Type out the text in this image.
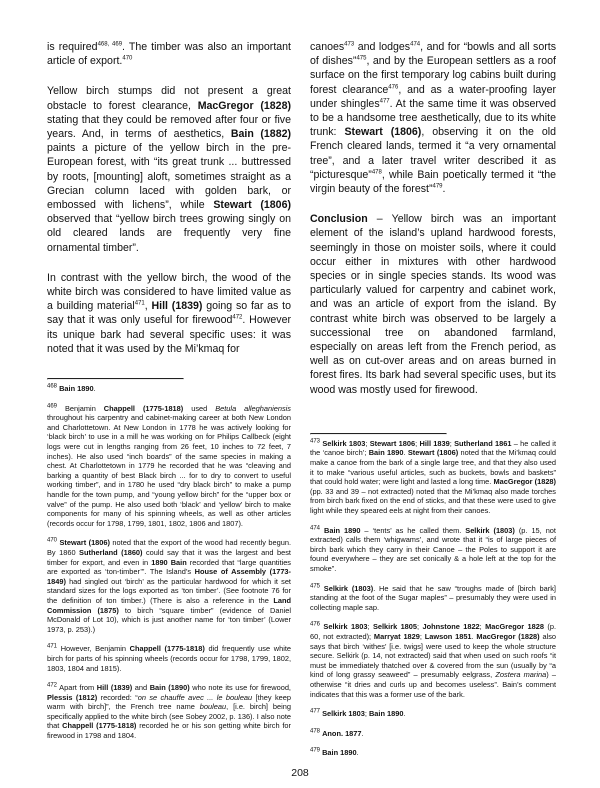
is required$^{468, 469}$. The timber was also an important article of export.$^{470}$

Yellow birch stumps did not present a great obstacle to forest clearance, MacGregor (1828) stating that they could be removed after four or five years. And, in terms of aesthetics, Bain (1882) paints a picture of the yellow birch in the pre-European forest, with “its great trunk ... buttressed by roots, [mounting] aloft, sometimes straight as a Grecian column laced with golden bark, or embossed with lichens”, while Stewart (1806) observed that “yellow birch trees growing singly on old cleared lands are frequently very fine ornamental timber”.

In contrast with the yellow birch, the wood of the white birch was considered to have limited value as a building material$^{471}$, Hill (1839) going so far as to say that it was only useful for firewood$^{472}$. However its unique bark had several specific uses: it was noted that it was used by the Mi’kmaq for

$^{468}$ Bain 1890.

$^{469}$ Benjamin Chappell (1775-1818) used Betula alleghaniensis throughout his carpentry and cabinet-making career at both New London and Charlottetown. At New London in 1778 he was actively looking for ‘black birch’ to use in a mill he was working on for Philips Callbeck (eight logs were cut in lengths ranging from 26 feet, 10 inches to 72 feet, 7 inches). He also used “inch boards” of the same species in making a chest. At Charlottetown in 1779 he recorded that he was “cleaving and barking a quantity of best Black birch ... for to dry to convert to useful working timber”, and in 1780 he used “dry black birch” to make a pump handle for the town pump, and “young yellow birch” for the “upper box or valve” of the pump. He also used both ‘black’ and ‘yellow’ birch to make components for many of his spinning wheels, as well as other articles (records occur for 1798, 1799, 1801, 1802, 1806 and 1807).

$^{470}$ Stewart (1806) noted that the export of the wood had recently begun. By 1860 Sutherland (1860) could say that it was the largest and best timber for export, and even in 1890 Bain recorded that “large quantities are exported as ‘ton-timber’”. The Island’s House of Assembly (1773-1849) had singled out ‘birch’ as the particular hardwood for which it set standard sizes for the logs exported as ‘ton timber’. (See footnote 76 for the definition of ton timber.) (There is also a reference in the Land Commission (1875) to birch “square timber” (evidence of Daniel McDonald of Lot 10), which is just another name for ‘ton timber’ (Lower 1973, p. 253).)

$^{471}$ However, Benjamin Chappell (1775-1818) did frequently use white birch for parts of his spinning wheels (records occur for 1798, 1799, 1802, 1803, 1804 and 1815).

$^{472}$ Apart from Hill (1839) and Bain (1890) who note its use for firewood, Plessis (1812) recorded: “on se chauffe avec ... le bouleau [they keep warm with birch]”, the French tree name bouleau, [i.e. birch] being specifically applied to the white birch (see Sobey 2002, p. 136). I also note that Chappell (1775-1818) recorded he or his son getting white birch for firewood in 1798 and 1804.

canoes$^{473}$ and lodges$^{474}$, and for “bowls and all sorts of dishes”$^{475}$, and by the European settlers as a roof surface on the first temporary log cabins built during forest clearance$^{476}$, and as a water-proofing layer under shingles$^{477}$. At the same time it was observed to be a handsome tree aesthetically, due to its white trunk: Stewart (1806), observing it on the old French cleared lands, termed it “a very ornamental tree”, and a later travel writer described it as “picturesque”$^{478}$, while Bain poetically termed it “the virgin beauty of the forest”$^{479}$.

Conclusion – Yellow birch was an important element of the island’s upland hardwood forests, seemingly in those on moister soils, where it could occur either in mixtures with other hardwood species or in single species stands. Its wood was particularly valued for carpentry and cabinet work, and was an article of export from the island. By contrast white birch was observed to be largely a successional tree on abandoned farmland, especially on areas left from the French period, as well as on cut-over areas and on areas burned in forest fires. Its bark had several specific uses, but its wood was mostly used for firewood.

$^{473}$ Selkirk 1803; Stewart 1806; Hill 1839; Sutherland 1861 – he called it the ‘canoe birch’; Bain 1890. Stewart (1806) noted that the Mi’kmaq could make a canoe from the bark of a single large tree, and that they also used it to make “various useful articles, such as buckets, bowls and baskets” that could hold water; were light and lasted a long time. MacGregor (1828) (pp. 33 and 39 – not extracted) noted that the Mi’kmaq also made torches from birch bark fixed on the end of sticks, and that these were used to give light while they speared eels at night from their canoes.

$^{474}$ Bain 1890 – ‘tents’ as he called them. Selkirk (1803) (p. 15, not extracted) calls them ‘whigwams’, and wrote that it “is of large pieces of birch bark which they carry in their Canoe – the Poles to support it are found everywhere – they are set conically & a hole left at the top for the smoke”.

$^{475}$ Selkirk (1803). He said that he saw “troughs made of [birch bark] standing at the foot of the Sugar maples” – presumably they were used in collecting maple sap.

$^{476}$ Selkirk 1803; Selkirk 1805; Johnstone 1822; MacGregor 1828 (p. 60, not extracted); Marryat 1829; Lawson 1851. MacGregor (1828) also says that birch ‘withes’ [i.e. twigs] were used to keep the whole structure secure. Selkirk (p. 14, not extracted) said that when used on such roofs “it must be immediately thatched over & covered from the sun (usually by “a kind of long grassy seaweed” – presumably eelgrass, Zostera marina) – otherwise “it dries and curls up and becomes useless”. Bain’s comment indicates that this was a former use of the bark.

$^{477}$ Selkirk 1803; Bain 1890.

$^{478}$ Anon. 1877.

$^{479}$ Bain 1890.

208
